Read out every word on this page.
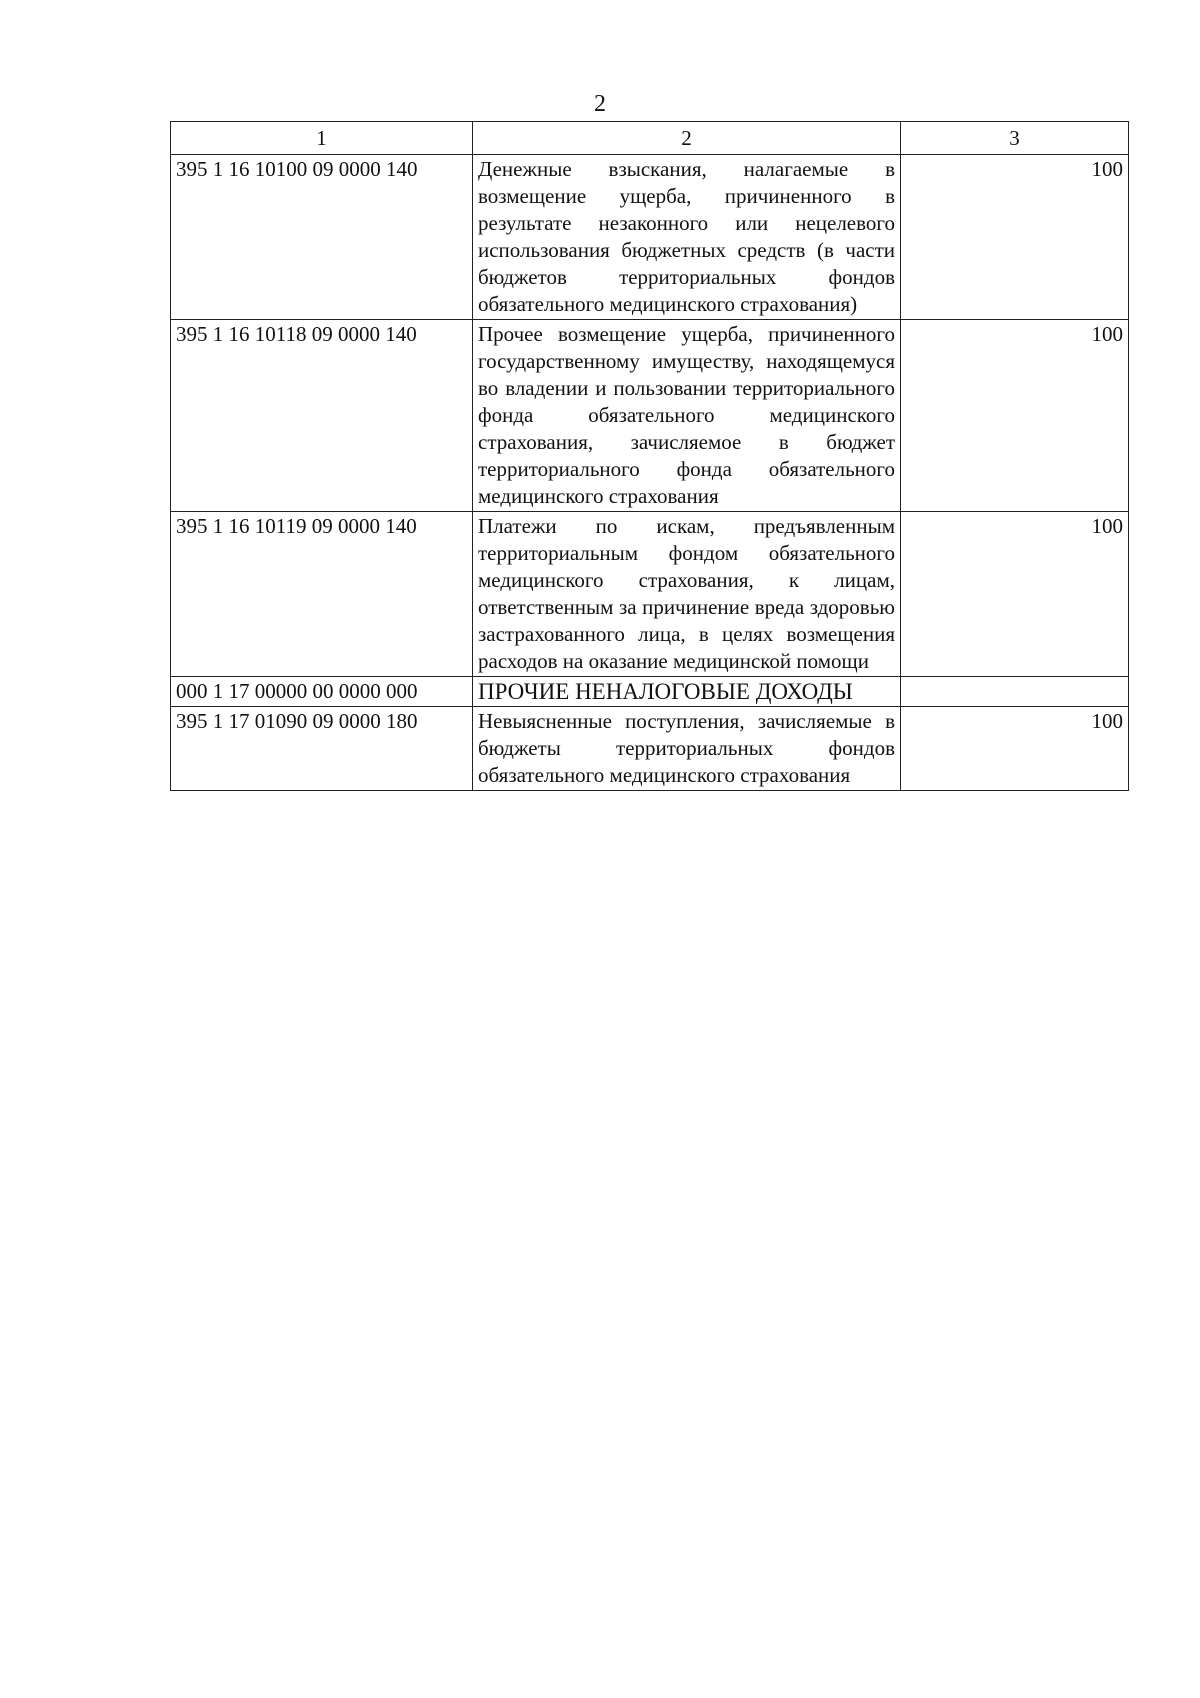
2
1	2	3
395 1 16 10100 09 0000 140	Денежные взыскания, налагаемые в возмещение ущерба, причиненного в результате незаконного или нецелевого использования бюджетных средств (в части бюджетов территориальных фондов обязательного медицинского страхования)	100
395 1 16 10118 09 0000 140	Прочее возмещение ущерба, причиненного государственному имуществу, находящемуся во владении и пользовании территориального фонда обязательного медицинского страхования, зачисляемое в бюджет территориального фонда обязательного медицинского страхования	100
395 1 16 10119 09 0000 140	Платежи по искам, предъявленным территориальным фондом обязательного медицинского страхования, к лицам, ответственным за причинение вреда здоровью застрахованного лица, в целях возмещения расходов на оказание медицинской помощи	100
000 1 17 00000 00 0000 000	ПРОЧИЕ НЕНАЛОГОВЫЕ ДОХОДЫ	
395 1 17 01090 09 0000 180	Невыясненные поступления, зачисляемые в бюджеты территориальных фондов обязательного медицинского страхования	100
